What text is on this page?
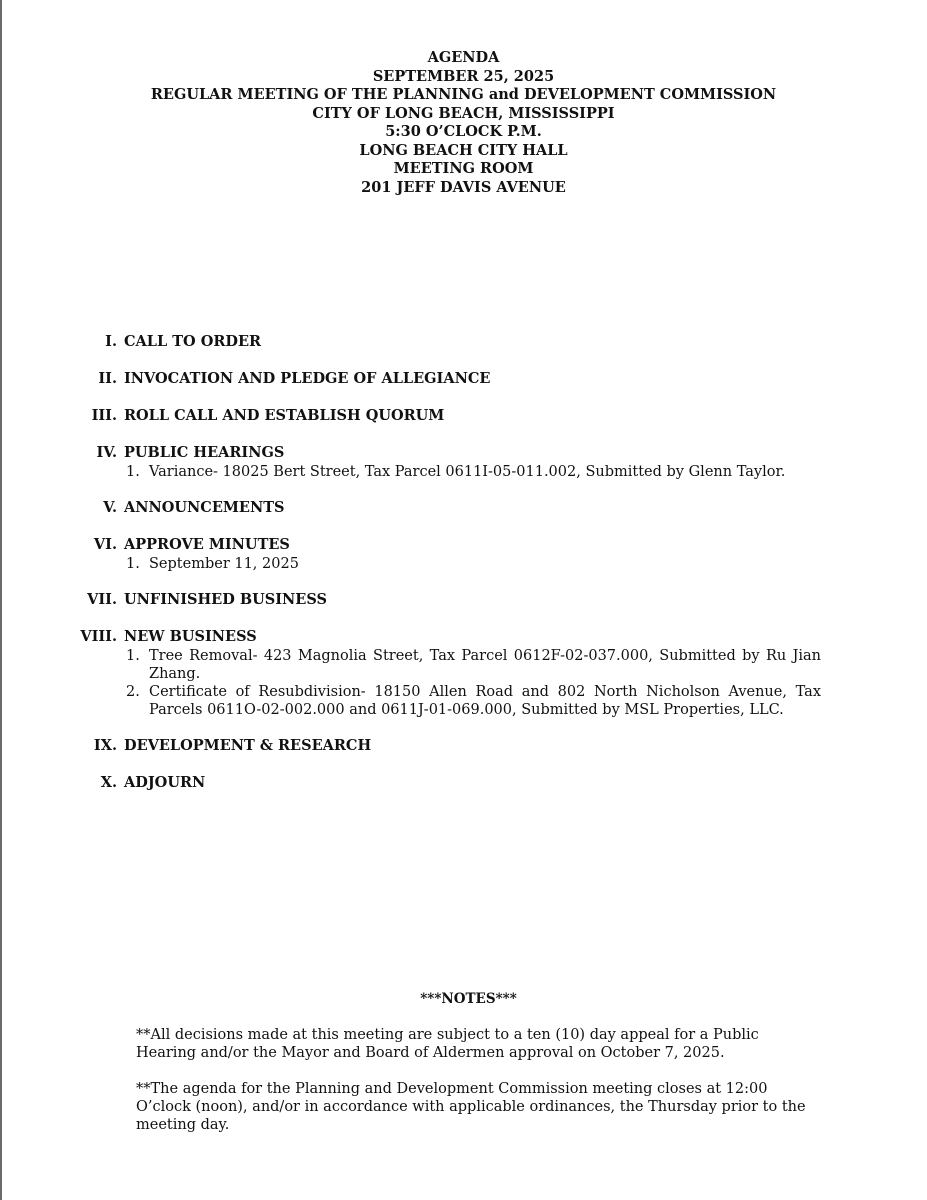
AGENDA
SEPTEMBER 25, 2025
REGULAR MEETING OF THE PLANNING and DEVELOPMENT COMMISSION
CITY OF LONG BEACH, MISSISSIPPI
5:30 O’CLOCK P.M.
LONG BEACH CITY HALL
MEETING ROOM
201 JEFF DAVIS AVENUE
I. CALL TO ORDER
II. INVOCATION AND PLEDGE OF ALLEGIANCE
III. ROLL CALL AND ESTABLISH QUORUM
IV. PUBLIC HEARINGS
1. Variance- 18025 Bert Street, Tax Parcel 0611I-05-011.002, Submitted by Glenn Taylor.
V. ANNOUNCEMENTS
VI. APPROVE MINUTES
1. September 11, 2025
VII. UNFINISHED BUSINESS
VIII. NEW BUSINESS
1. Tree Removal- 423 Magnolia Street, Tax Parcel 0612F-02-037.000, Submitted by Ru Jian Zhang.
2. Certificate of Resubdivision- 18150 Allen Road and 802 North Nicholson Avenue, Tax Parcels 0611O-02-002.000 and 0611J-01-069.000, Submitted by MSL Properties, LLC.
IX. DEVELOPMENT & RESEARCH
X. ADJOURN
***NOTES***
**All decisions made at this meeting are subject to a ten (10) day appeal for a Public Hearing and/or the Mayor and Board of Aldermen approval on October 7, 2025.
**The agenda for the Planning and Development Commission meeting closes at 12:00 O’clock (noon), and/or in accordance with applicable ordinances, the Thursday prior to the meeting day.
